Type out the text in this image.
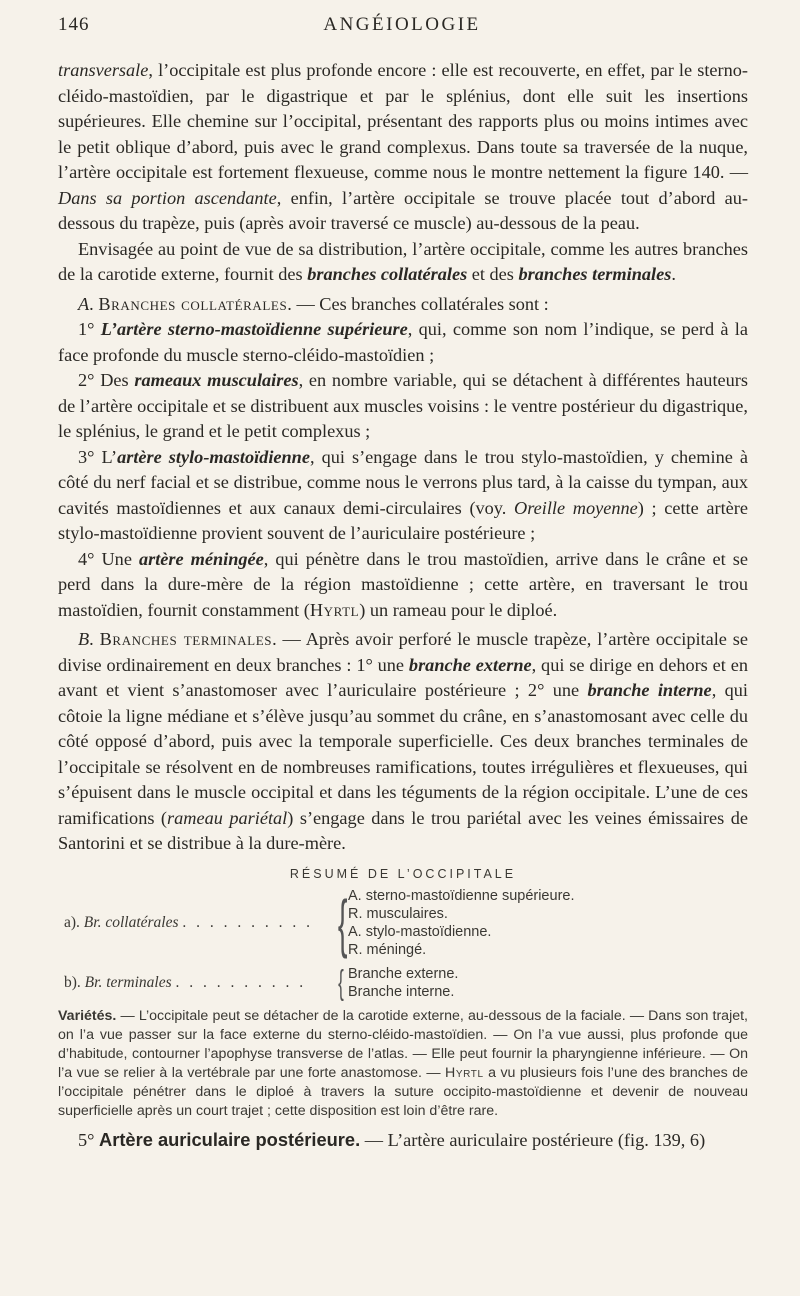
146	ANGÉIOLOGIE

transversale, l’occipitale est plus profonde encore : elle est recouverte, en effet, par le sterno-cléido-mastoïdien, par le digastrique et par le splénius, dont elle suit les insertions supérieures. Elle chemine sur l’occipital, présentant des rapports plus ou moins intimes avec le petit oblique d’abord, puis avec le grand complexus. Dans toute sa traversée de la nuque, l’artère occipitale est fortement flexueuse, comme nous le montre nettement la figure 140. — Dans sa portion ascendante, enfin, l’artère occipitale se trouve placée tout d’abord au-dessous du trapèze, puis (après avoir traversé ce muscle) au-dessous de la peau.

Envisagée au point de vue de sa distribution, l’artère occipitale, comme les autres branches de la carotide externe, fournit des branches collatérales et des branches terminales.

A. Branches collatérales. — Ces branches collatérales sont :

1° L’artère sterno-mastoïdienne supérieure, qui, comme son nom l’indique, se perd à la face profonde du muscle sterno-cléido-mastoïdien ;

2° Des rameaux musculaires, en nombre variable, qui se détachent à différentes hauteurs de l’artère occipitale et se distribuent aux muscles voisins : le ventre postérieur du digastrique, le splénius, le grand et le petit complexus ;

3° L’artère stylo-mastoïdienne, qui s’engage dans le trou stylo-mastoïdien, y chemine à côté du nerf facial et se distribue, comme nous le verrons plus tard, à la caisse du tympan, aux cavités mastoïdiennes et aux canaux demi-circulaires (voy. Oreille moyenne) ; cette artère stylo-mastoïdienne provient souvent de l’auriculaire postérieure ;

4° Une artère méningée, qui pénètre dans le trou mastoïdien, arrive dans le crâne et se perd dans la dure-mère de la région mastoïdienne ; cette artère, en traversant le trou mastoïdien, fournit constamment (Hyrtl) un rameau pour le diploé.

B. Branches terminales. — Après avoir perforé le muscle trapèze, l’artère occipitale se divise ordinairement en deux branches : 1° une branche externe, qui se dirige en dehors et en avant et vient s’anastomoser avec l’auriculaire postérieure ; 2° une branche interne, qui côtoie la ligne médiane et s’élève jusqu’au sommet du crâne, en s’anastomosant avec celle du côté opposé d’abord, puis avec la temporale superficielle. Ces deux branches terminales de l’occipitale se résolvent en de nombreuses ramifications, toutes irrégulières et flexueuses, qui s’épuisent dans le muscle occipital et dans les téguments de la région occipitale. L’une de ces ramifications (rameau pariétal) s’engage dans le trou pariétal avec les veines émissaires de Santorini et se distribue à la dure-mère.

RÉSUMÉ DE L’OCCIPITALE
a). Br. collatérales . . . . . . . . . . { A. sterno-mastoïdienne supérieure.
R. musculaires.
A. stylo-mastoïdienne.
R. méningé.
b). Br. terminales . . . . . . . . . . { Branche externe.
Branche interne.
Variétés. — L’occipitale peut se détacher de la carotide externe, au-dessous de la faciale. — Dans son trajet, on l’a vue passer sur la face externe du sterno-cléido-mastoïdien. — On l’a vue aussi, plus profonde que d’habitude, contourner l’apophyse transverse de l’atlas. — Elle peut fournir la pharyngienne inférieure. — On l’a vue se relier à la vertébrale par une forte anastomose. — Hyrtl a vu plusieurs fois l’une des branches de l’occipitale pénétrer dans le diploé à travers la suture occipito-mastoïdienne et devenir de nouveau superficielle après un court trajet ; cette disposition est loin d’être rare.

5° Artère auriculaire postérieure. — L’artère auriculaire postérieure (fig. 139, 6)
